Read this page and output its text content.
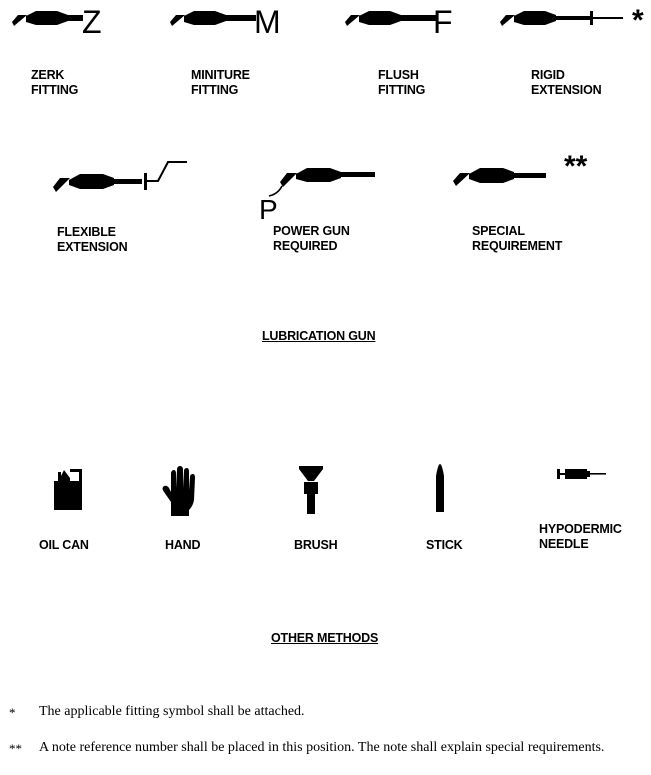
Z	M	F	*
ZERK
FITTING
MINITURE
FITTING
FLUSH
FITTING
RIGID
EXTENSION
P
**
FLEXIBLE
EXTENSION
POWER GUN
REQUIRED
SPECIAL
REQUIREMENT
LUBRICATION GUN
OIL CAN	HAND	BRUSH	STICK
HYPODERMIC
NEEDLE
OTHER METHODS
* The applicable fitting symbol shall be attached.
** A note reference number shall be placed in this position. The note shall explain special requirements.
